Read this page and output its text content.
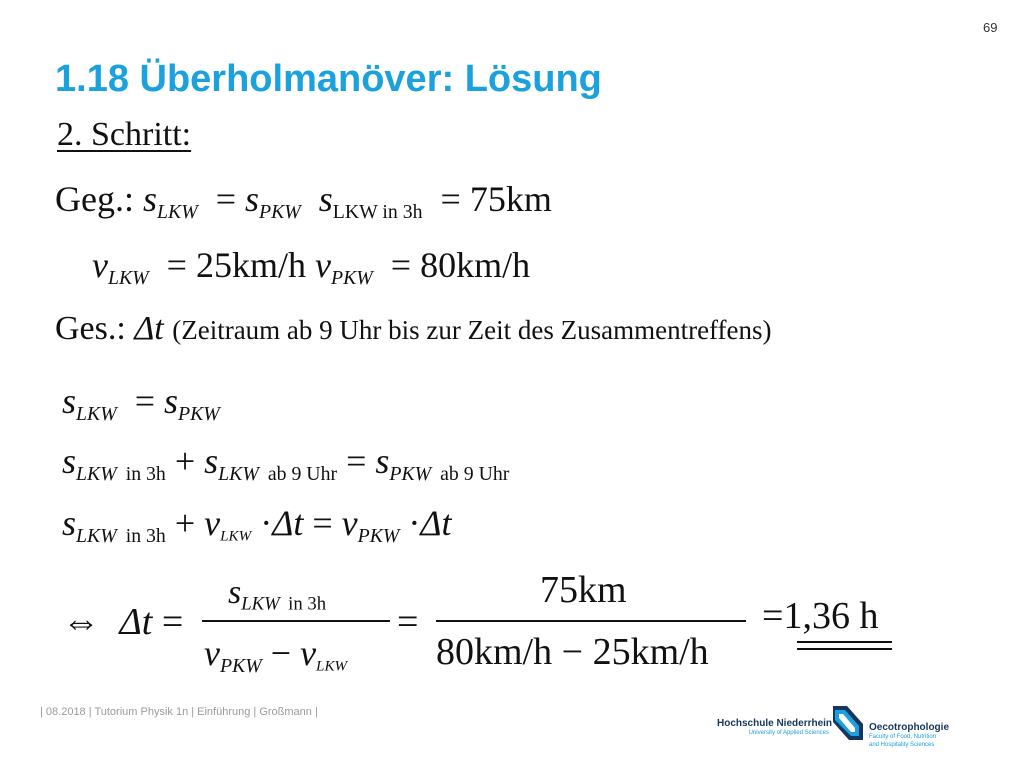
69
1.18 Überholmanöver: Lösung
2. Schritt:
Geg.: $s_{LKW} = s_{PKW}$ sLKW in 3h = 75km
$v_{LKW} = 25km/h$ $v_{PKW} = 80km/h$
Ges.: Δt (Zeitraum ab 9 Uhr bis zur Zeit des Zusammentreffens)
$s_{LKW} = s_{PKW}$
$s_{LKW}$ in $3h + s_{LKW}$ ab 9 Uhr = $s_{PKW}$ ab 9 Uhr
$s_{LKW}$ in 3h + vLKW $\cdot\Delta t = v_{PKW} \cdot\Delta t$
⇔ Δt =
$s_{LKW}$ in 3h
$v_{PKW}$ − vLKW
=
75km
80km/h − 25km/h
=1,36 h
| 08.2018 | Tutorium Physik 1n | Einführung | Großmann |
Hochschule Niederrhein
University of Applied Sciences	Oecotrophologie
Faculty of Food, Nutrition
and Hospitality Sciences
